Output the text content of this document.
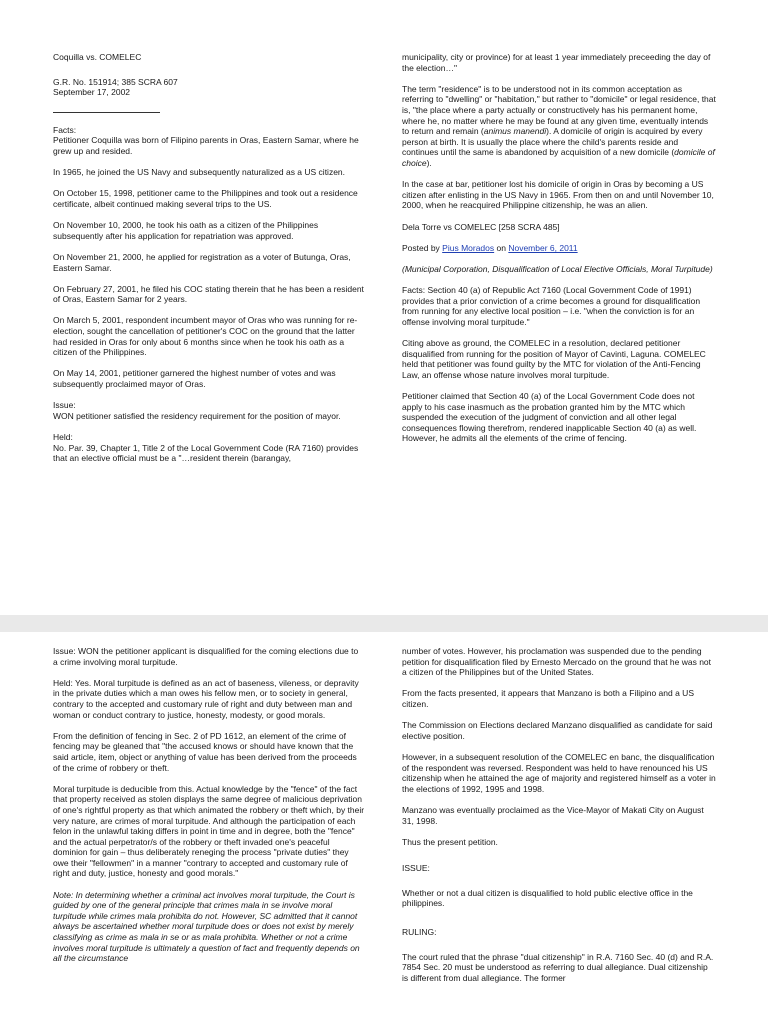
Coquilla vs. COMELEC

G.R. No. 151914; 385 SCRA 607
September 17, 2002
Facts:

Petitioner Coquilla was born of Filipino parents in Oras, Eastern Samar, where he grew up and resided.

In 1965, he joined the US Navy and subsequently naturalized as a US citizen.

On October 15, 1998, petitioner came to the Philippines and took out a residence certificate, albeit continued making several trips to the US.

On November 10, 2000, he took his oath as a citizen of the Philippines subsequently after his application for repatriation was approved.

On November 21, 2000, he applied for registration as a voter of Butunga, Oras, Eastern Samar.

On February 27, 2001, he filed his COC stating therein that he has been a resident of Oras, Eastern Samar for 2 years.

On March 5, 2001, respondent incumbent mayor of Oras who was running for re-election, sought the cancellation of petitioner's COC on the ground that the latter had resided in Oras for only about 6 months since when he took his oath as a citizen of the Philippines.

On May 14, 2001, petitioner garnered the highest number of votes and was subsequently proclaimed mayor of Oras.

Issue:

WON petitioner satisfied the residency requirement for the position of mayor.

Held:

No. Par. 39, Chapter 1, Title 2 of the Local Government Code (RA 7160) provides that an elective official must be a "…resident therein (barangay,

municipality, city or province) for at least 1 year immediately preceeding the day of the election…"

The term "residence" is to be understood not in its common acceptation as referring to "dwelling" or "habitation," but rather to "domicile" or legal residence, that is, "the place where a party actually or constructively has his permanent home, where he, no matter where he may be found at any given time, eventually intends to return and remain (animus manendi). A domicile of origin is acquired by every person at birth. It is usually the place where the child's parents reside and continues until the same is abandoned by acquisition of a new domicile (domicile of choice).

In the case at bar, petitioner lost his domicile of origin in Oras by becoming a US citizen after enlisting in the US Navy in 1965. From then on and until November 10, 2000, when he reacquired Philippine citizenship, he was an alien.

Dela Torre vs COMELEC [258 SCRA 485]

Posted by Pius Morados on November 6, 2011

(Municipal Corporation, Disqualification of Local Elective Officials, Moral Turpitude)

Facts: Section 40 (a) of Republic Act 7160 (Local Government Code of 1991) provides that a prior conviction of a crime becomes a ground for disqualification from running for any elective local position – i.e. "when the conviction is for an offense involving moral turpitude."

Citing above as ground, the COMELEC in a resolution, declared petitioner disqualified from running for the position of Mayor of Cavinti, Laguna. COMELEC held that petitioner was found guilty by the MTC for violation of the Anti-Fencing Law, an offense whose nature involves moral turpitude.

Petitioner claimed that Section 40 (a) of the Local Government Code does not apply to his case inasmuch as the probation granted him by the MTC which suspended the execution of the judgment of conviction and all other legal consequences flowing therefrom, rendered inapplicable Section 40 (a) as well. However, he admits all the elements of the crime of fencing.

Issue: WON the petitioner applicant is disqualified for the coming elections due to a crime involving moral turpitude.

Held: Yes. Moral turpitude is defined as an act of baseness, vileness, or depravity in the private duties which a man owes his fellow men, or to society in general, contrary to the accepted and customary rule of right and duty between man and woman or conduct contrary to justice, honesty, modesty, or good morals.

From the definition of fencing in Sec. 2 of PD 1612, an element of the crime of fencing may be gleaned that "the accused knows or should have known that the said article, item, object or anything of value has been derived from the proceeds of the crime of robbery or theft.

Moral turpitude is deducible from this. Actual knowledge by the "fence" of the fact that property received as stolen displays the same degree of malicious deprivation of one's rightful property as that which animated the robbery or theft which, by their very nature, are crimes of moral turpitude. And although the participation of each felon in the unlawful taking differs in point in time and in degree, both the "fence" and the actual perpetrator/s of the robbery or theft invaded one's peaceful dominion for gain – thus deliberately reneging the process "private duties" they owe their "fellowmen" in a manner "contrary to accepted and customary rule of right and duty, justice, honesty and good morals."

Note: In determining whether a criminal act involves moral turpitude, the Court is guided by one of the general principle that crimes mala in se involve moral turpitude while crimes mala prohibita do not. However, SC admitted that it cannot always be ascertained whether moral turpitude does or does not exist by merely classifying as crime as mala in se or as mala prohibita. Whether or not a crime involves moral turpitude is ultimately a question of fact and frequently depends on all the circumstance

number of votes. However, his proclamation was suspended due to the pending petition for disqualification filed by Ernesto Mercado on the ground that he was not a citizen of the Philippines but of the United States.

From the facts presented, it appears that Manzano is both a Filipino and a US citizen.

The Commission on Elections declared Manzano disqualified as candidate for said elective position.

However, in a subsequent resolution of the COMELEC en banc, the disqualification of the respondent was reversed. Respondent was held to have renounced his US citizenship when he attained the age of majority and registered himself as a voter in the elections of 1992, 1995 and 1998.

Manzano was eventually proclaimed as the Vice-Mayor of Makati City on August 31, 1998.

Thus the present petition.

ISSUE:

Whether or not a dual citizen is disqualified to hold public elective office in the philippines.

RULING:

The court ruled that the phrase "dual citizenship" in R.A. 7160 Sec. 40 (d) and R.A. 7854 Sec. 20 must be understood as referring to dual allegiance. Dual citizenship is different from dual allegiance. The former
